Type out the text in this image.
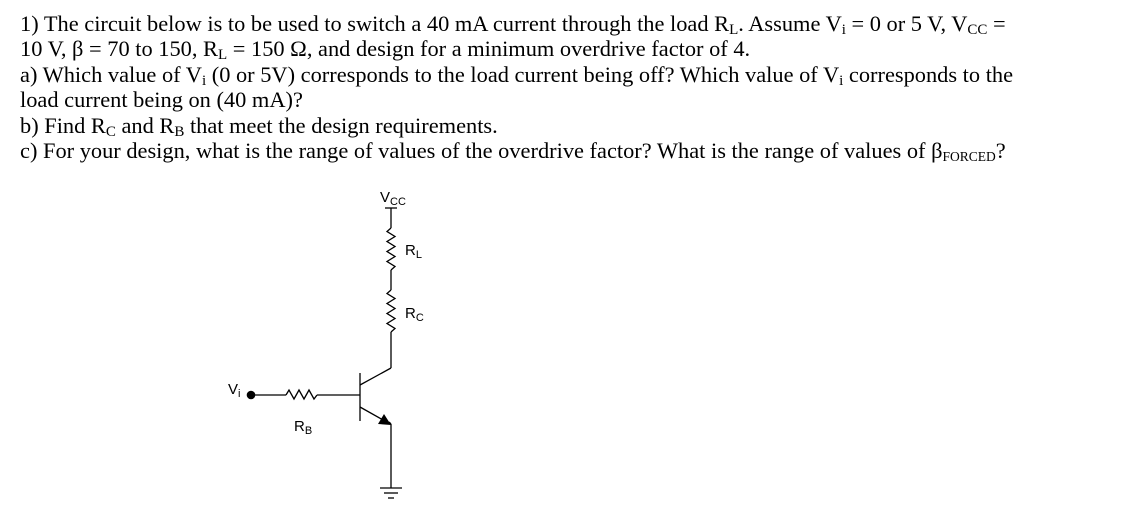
1) The circuit below is to be used to switch a 40 mA current through the load $R_L$. Assume $V_i = 0$ or 5 V, $V_{CC}$ =
10 V, β = 70 to 150, $R_L = 150$ Ω, and design for a minimum overdrive factor of 4.
a) Which value of $V_i$ (0 or 5V) corresponds to the load current being off? Which value of $V_i$ corresponds to the
load current being on (40 mA)?
b) Find $R_C$ and $R_B$ that meet the design requirements.
c) For your design, what is the range of values of the overdrive factor? What is the range of values of $\beta_{FORCED}$?
$V_{CC}$
$R_L$
$R_C$
$V_i$
$R_B$
